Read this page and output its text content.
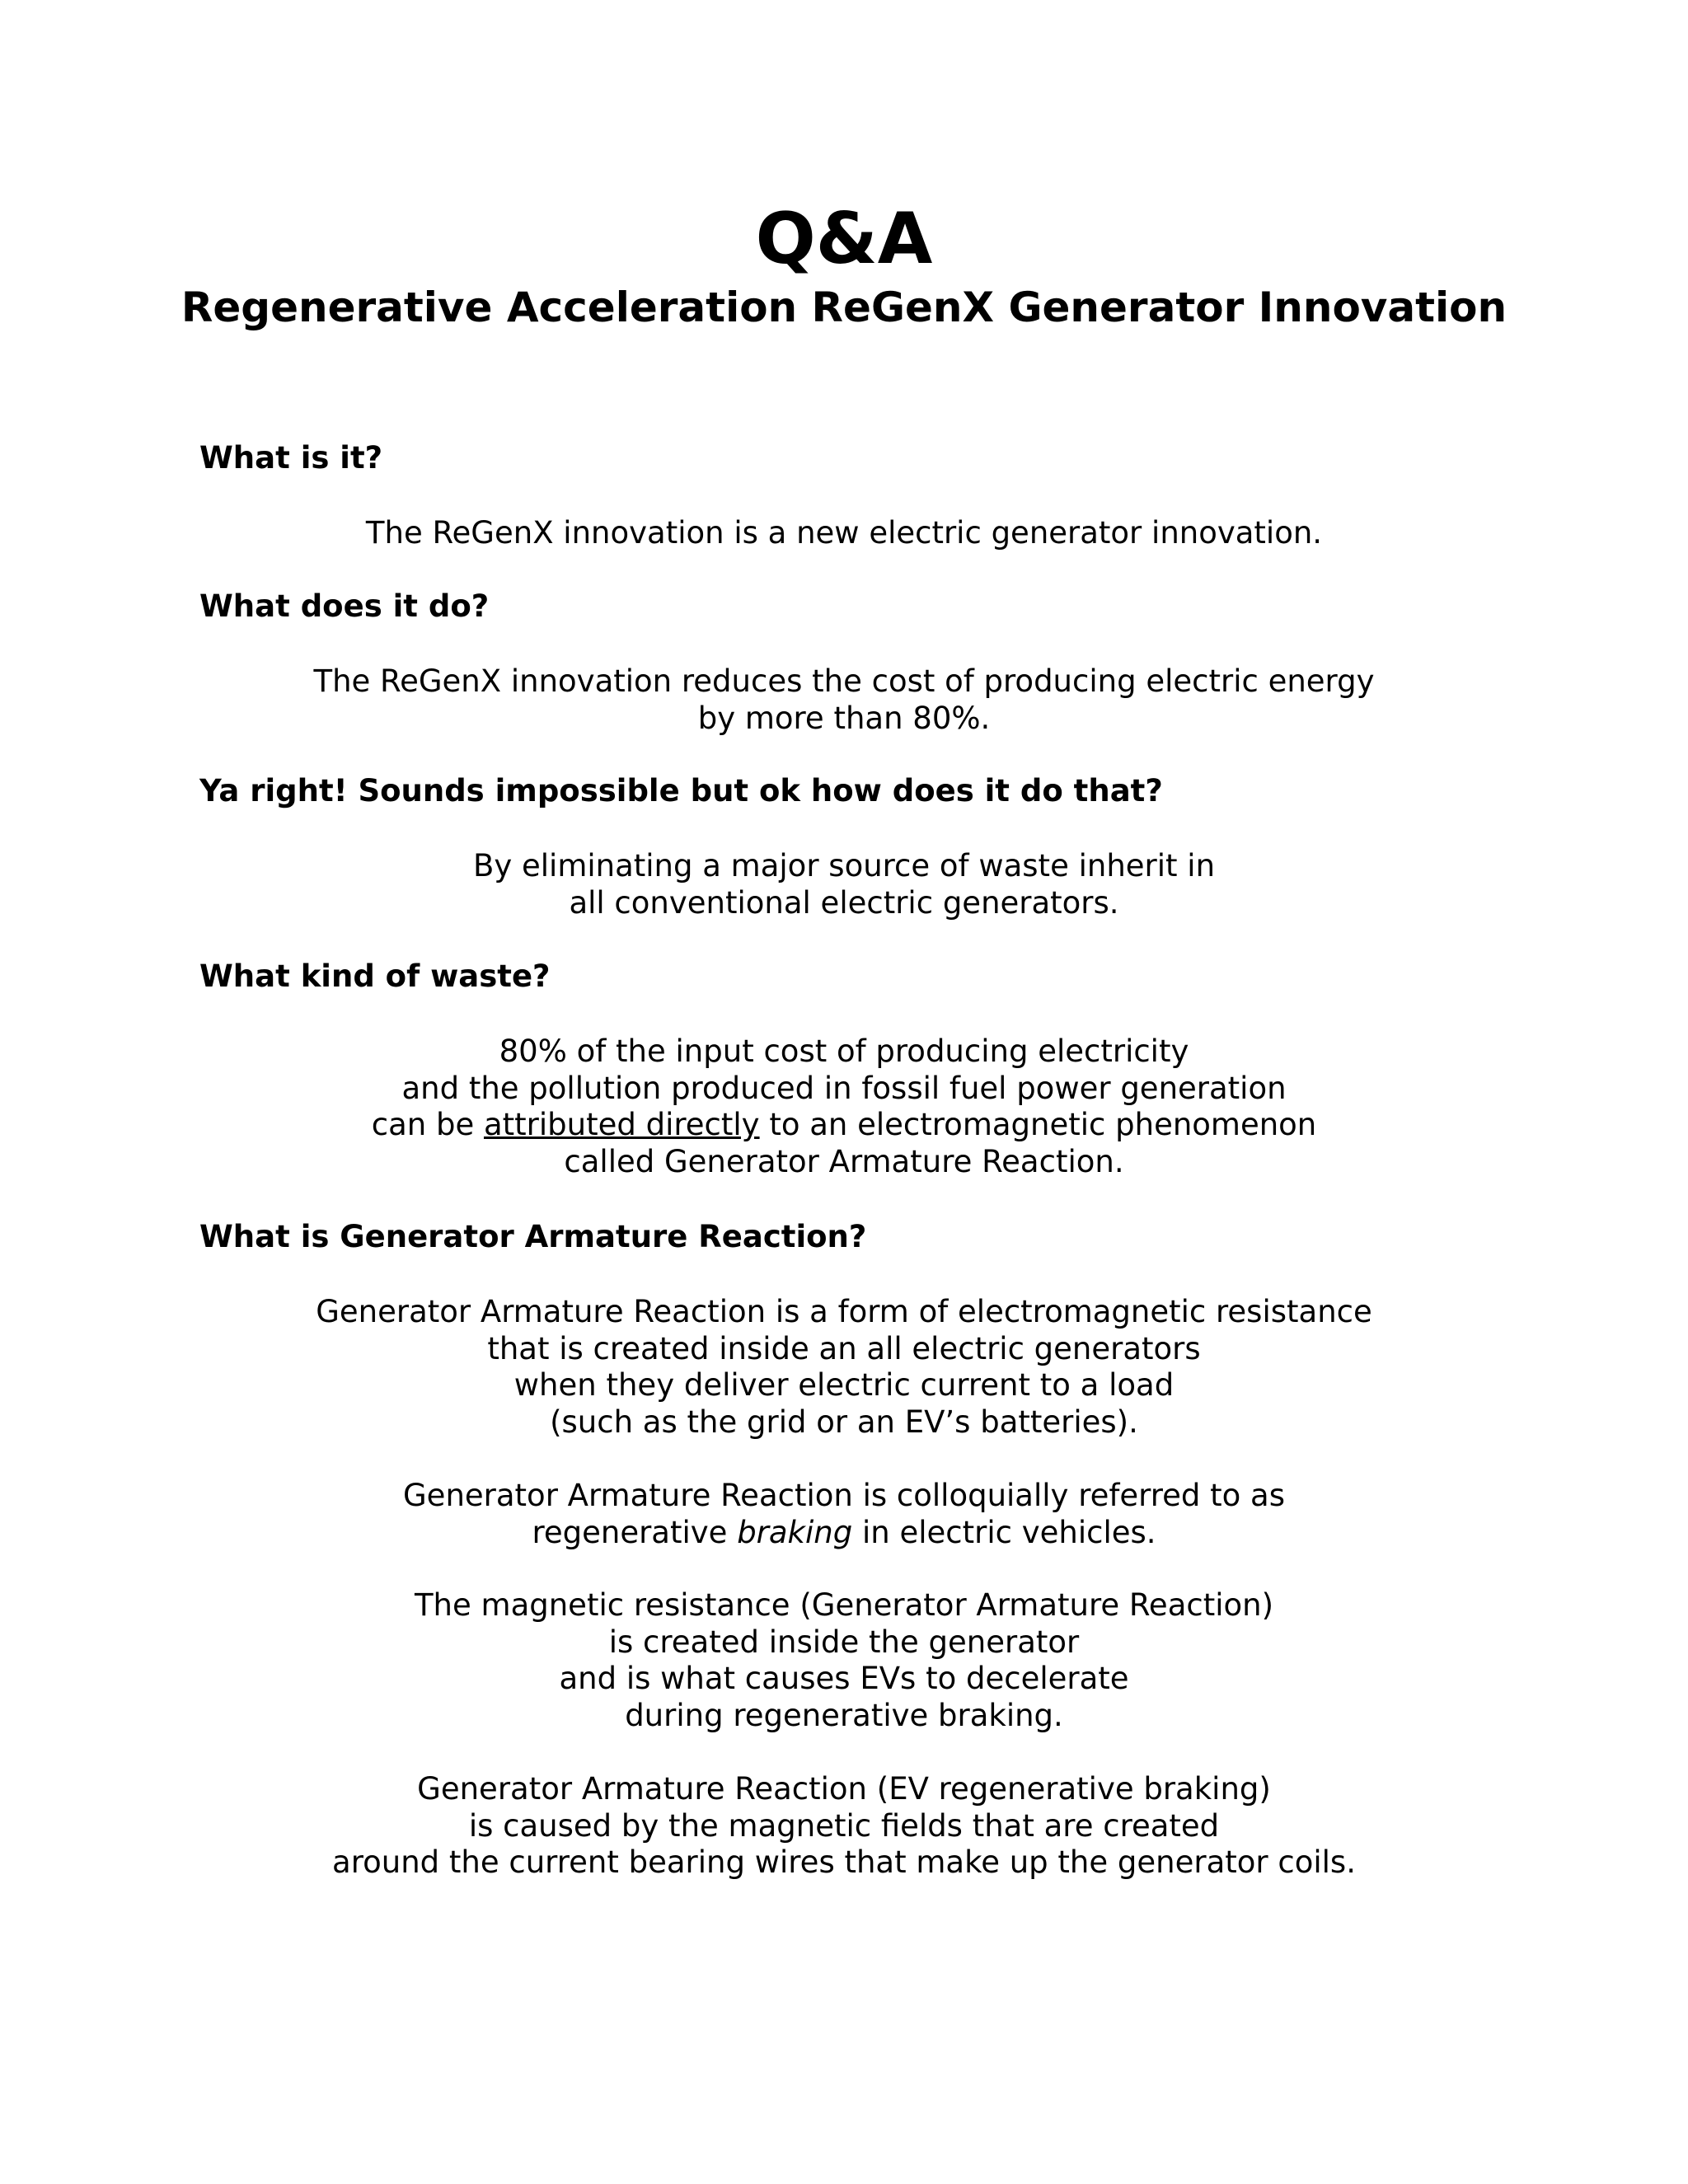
Q&A
Regenerative Acceleration ReGenX Generator Innovation

What is it?

The ReGenX innovation is a new electric generator innovation.

What does it do?

The ReGenX innovation reduces the cost of producing electric energy
by more than 80%.

Ya right! Sounds impossible but ok how does it do that?

By eliminating a major source of waste inherit in
all conventional electric generators.

What kind of waste?

80% of the input cost of producing electricity
and the pollution produced in fossil fuel power generation
can be attributed directly to an electromagnetic phenomenon
called Generator Armature Reaction.

What is Generator Armature Reaction?

Generator Armature Reaction is a form of electromagnetic resistance
that is created inside an all electric generators
when they deliver electric current to a load
(such as the grid or an EV’s batteries).
Generator Armature Reaction is colloquially referred to as
regenerative braking in electric vehicles.
The magnetic resistance (Generator Armature Reaction)
is created inside the generator
and is what causes EVs to decelerate
during regenerative braking.
Generator Armature Reaction (EV regenerative braking)
is caused by the magnetic fields that are created
around the current bearing wires that make up the generator coils.
